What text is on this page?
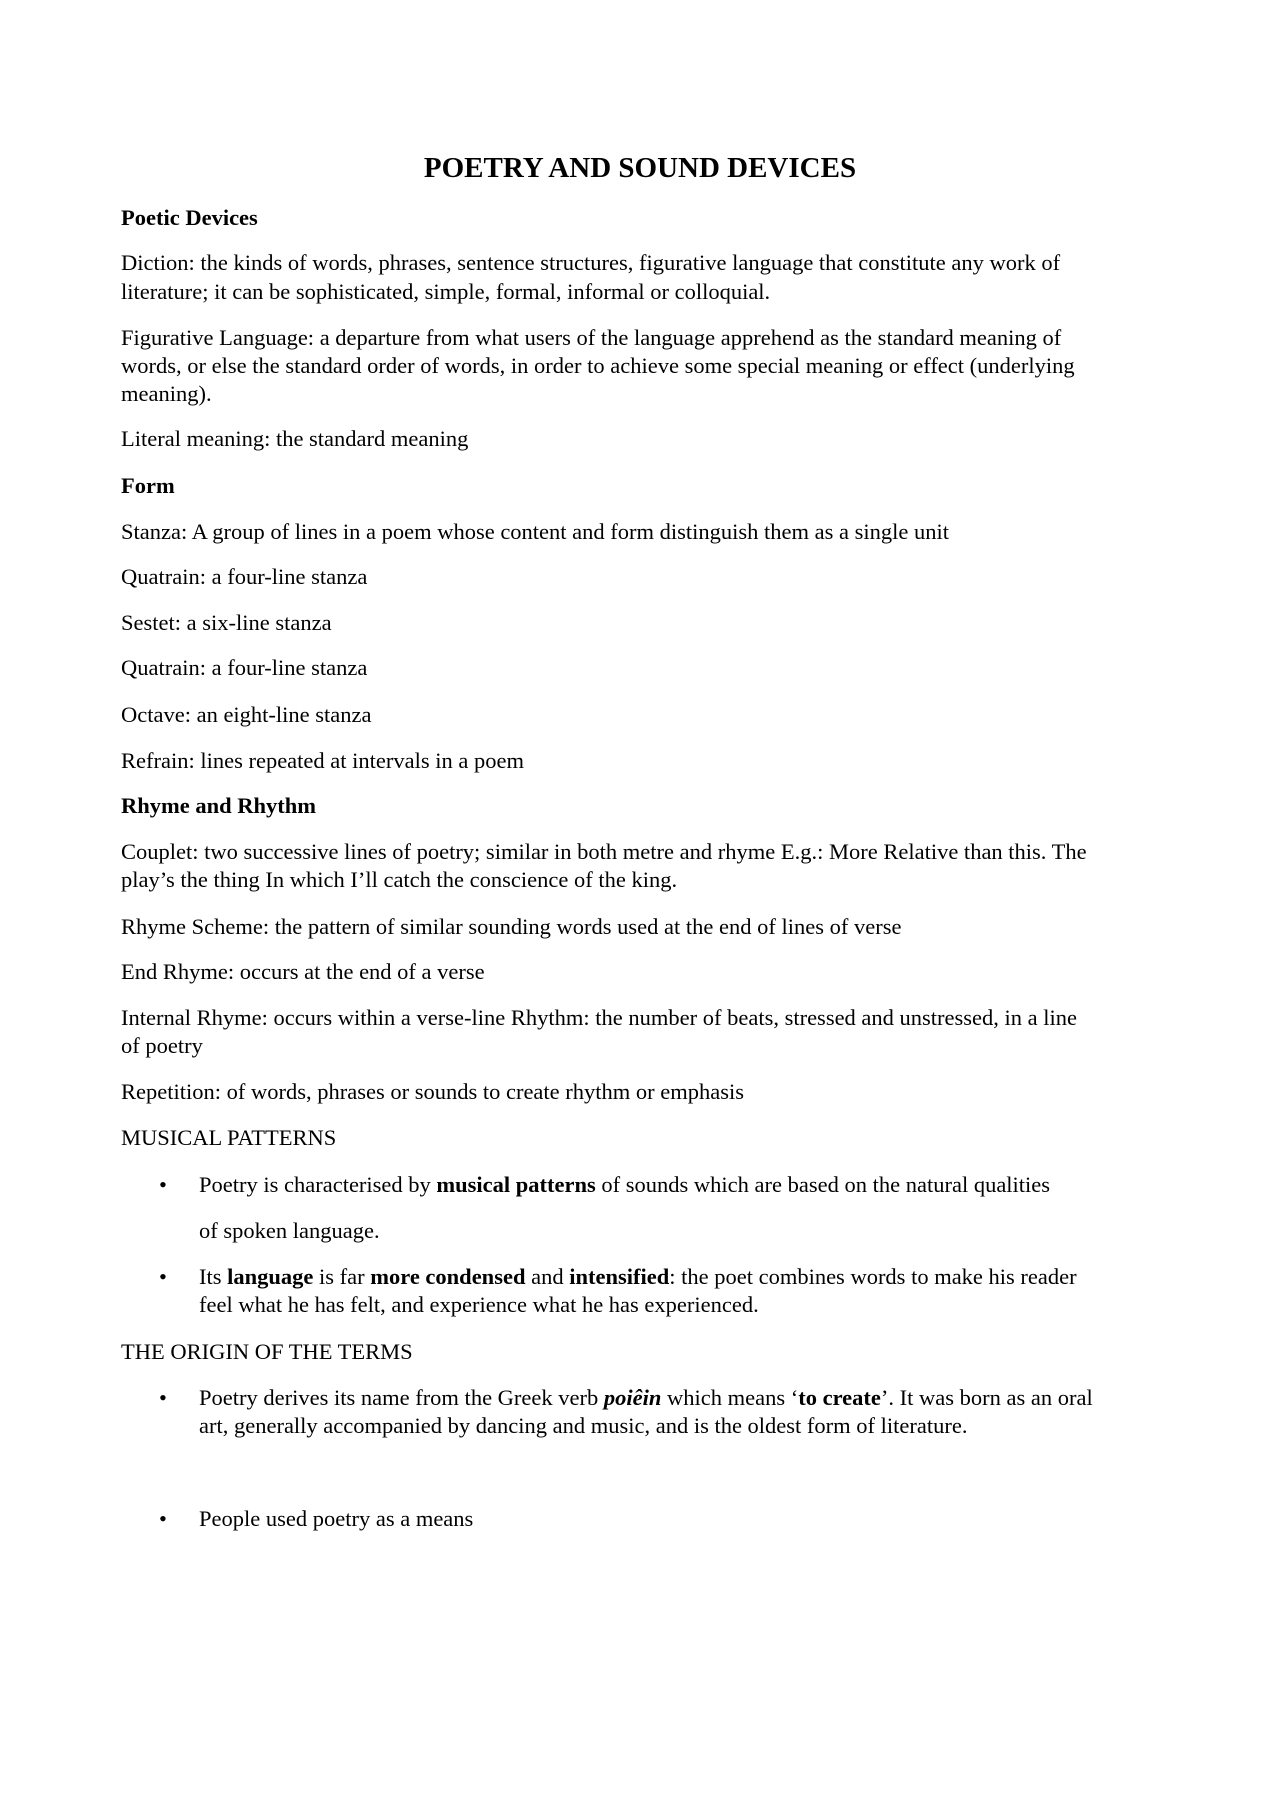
POETRY AND SOUND DEVICES
Poetic Devices
Diction: the kinds of words, phrases, sentence structures, figurative language that constitute any work of
literature; it can be sophisticated, simple, formal, informal or colloquial.
Figurative Language: a departure from what users of the language apprehend as the standard meaning of
words, or else the standard order of words, in order to achieve some special meaning or effect (underlying
meaning).
Literal meaning: the standard meaning
Form
Stanza: A group of lines in a poem whose content and form distinguish them as a single unit
Quatrain: a four-line stanza
Sestet: a six-line stanza
Quatrain: a four-line stanza
Octave: an eight-line stanza
Refrain: lines repeated at intervals in a poem
Rhyme and Rhythm
Couplet: two successive lines of poetry; similar in both metre and rhyme E.g.: More Relative than this. The
play’s the thing In which I’ll catch the conscience of the king.
Rhyme Scheme: the pattern of similar sounding words used at the end of lines of verse
End Rhyme: occurs at the end of a verse
Internal Rhyme: occurs within a verse-line Rhythm: the number of beats, stressed and unstressed, in a line
of poetry
Repetition: of words, phrases or sounds to create rhythm or emphasis
MUSICAL PATTERNS
• Poetry is characterised by musical patterns of sounds which are based on the natural qualities
of spoken language.
• Its language is far more condensed and intensified: the poet combines words to make his reader
feel what he has felt, and experience what he has experienced.
THE ORIGIN OF THE TERMS
• Poetry derives its name from the Greek verb poiêin which means ‘to create’. It was born as an oral
art, generally accompanied by dancing and music, and is the oldest form of literature.
• People used poetry as a means
